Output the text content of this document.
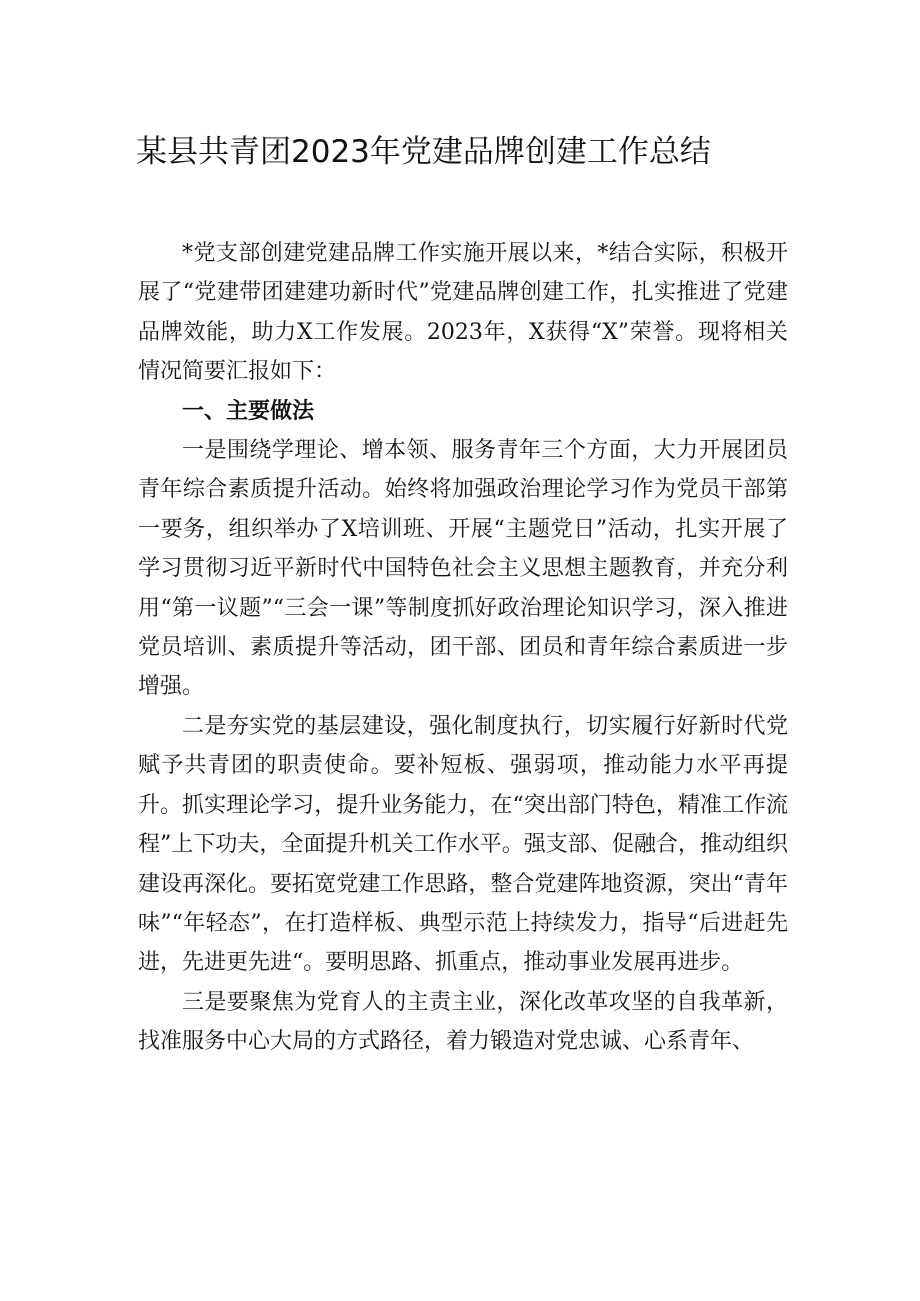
某县共青团2023年党建品牌创建工作总结

*党支部创建党建品牌工作实施开展以来，*结合实际，积极开展了“党建带团建建功新时代”党建品牌创建工作，扎实推进了党建品牌效能，助力X工作发展。2023年，X获得“X”荣誉。现将相关情况简要汇报如下：

一、主要做法

一是围绕学理论、增本领、服务青年三个方面，大力开展团员青年综合素质提升活动。始终将加强政治理论学习作为党员干部第一要务，组织举办了X培训班、开展“主题党日”活动，扎实开展了学习贯彻习近平新时代中国特色社会主义思想主题教育，并充分利用“第一议题”“三会一课”等制度抓好政治理论知识学习，深入推进党员培训、素质提升等活动，团干部、团员和青年综合素质进一步增强。

二是夯实党的基层建设，强化制度执行，切实履行好新时代党赋予共青团的职责使命。要补短板、强弱项，推动能力水平再提升。抓实理论学习，提升业务能力，在“突出部门特色，精准工作流程”上下功夫，全面提升机关工作水平。强支部、促融合，推动组织建设再深化。要拓宽党建工作思路，整合党建阵地资源，突出“青年味”“年轻态”，在打造样板、典型示范上持续发力，指导“后进赶先进，先进更先进“。要明思路、抓重点，推动事业发展再进步。

三是要聚焦为党育人的主责主业，深化改革攻坚的自我革新，找准服务中心大局的方式路径，着力锻造对党忠诚、心系青年、
